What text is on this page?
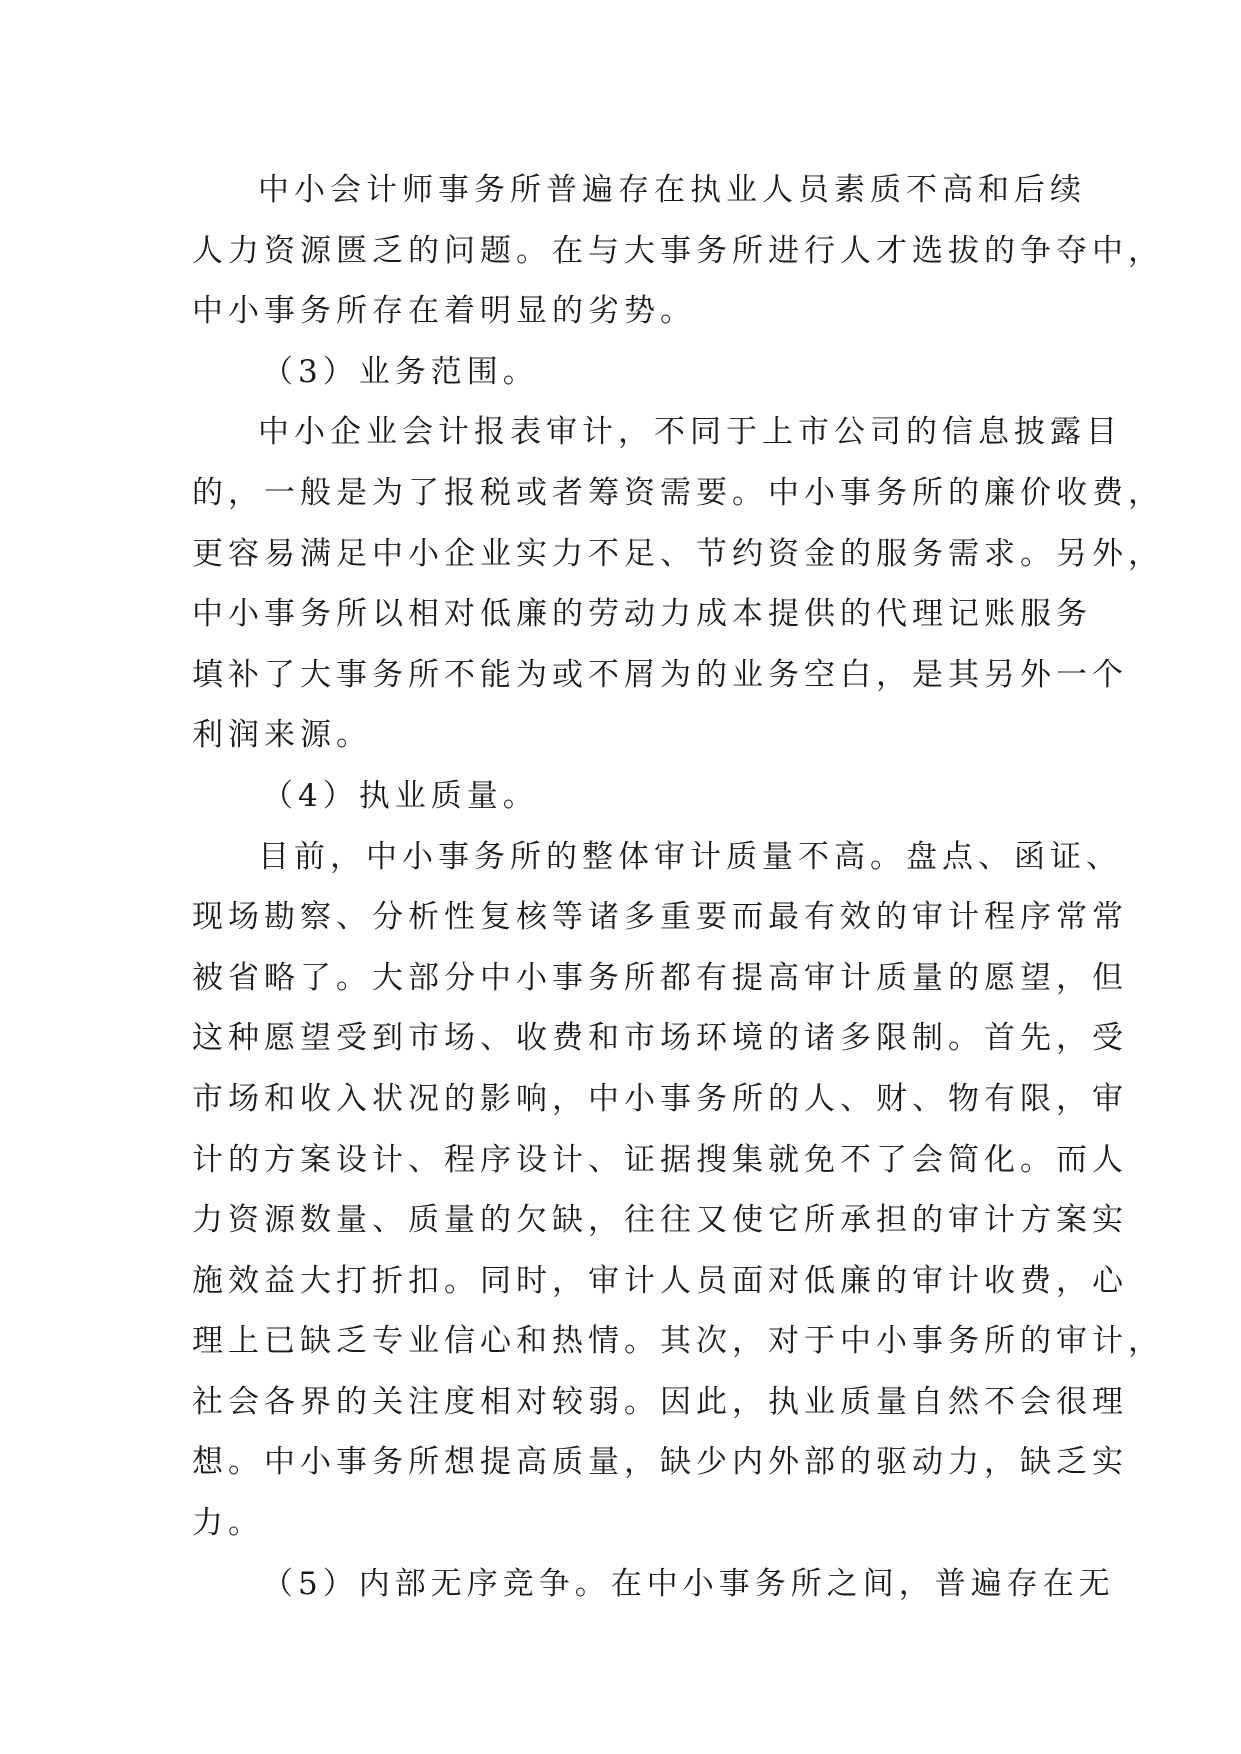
中小会计师事务所普遍存在执业人员素质不高和后续
人力资源匮乏的问题。在与大事务所进行人才选拔的争夺中，
中小事务所存在着明显的劣势。
（3）业务范围。
中小企业会计报表审计，不同于上市公司的信息披露目
的，一般是为了报税或者筹资需要。中小事务所的廉价收费，
更容易满足中小企业实力不足、节约资金的服务需求。另外，
中小事务所以相对低廉的劳动力成本提供的代理记账服务
填补了大事务所不能为或不屑为的业务空白，是其另外一个
利润来源。
（4）执业质量。
目前，中小事务所的整体审计质量不高。盘点、函证、
现场勘察、分析性复核等诸多重要而最有效的审计程序常常
被省略了。大部分中小事务所都有提高审计质量的愿望，但
这种愿望受到市场、收费和市场环境的诸多限制。首先，受
市场和收入状况的影响，中小事务所的人、财、物有限，审
计的方案设计、程序设计、证据搜集就免不了会简化。而人
力资源数量、质量的欠缺，往往又使它所承担的审计方案实
施效益大打折扣。同时，审计人员面对低廉的审计收费，心
理上已缺乏专业信心和热情。其次，对于中小事务所的审计，
社会各界的关注度相对较弱。因此，执业质量自然不会很理
想。中小事务所想提高质量，缺少内外部的驱动力，缺乏实
力。
（5）内部无序竞争。在中小事务所之间，普遍存在无
